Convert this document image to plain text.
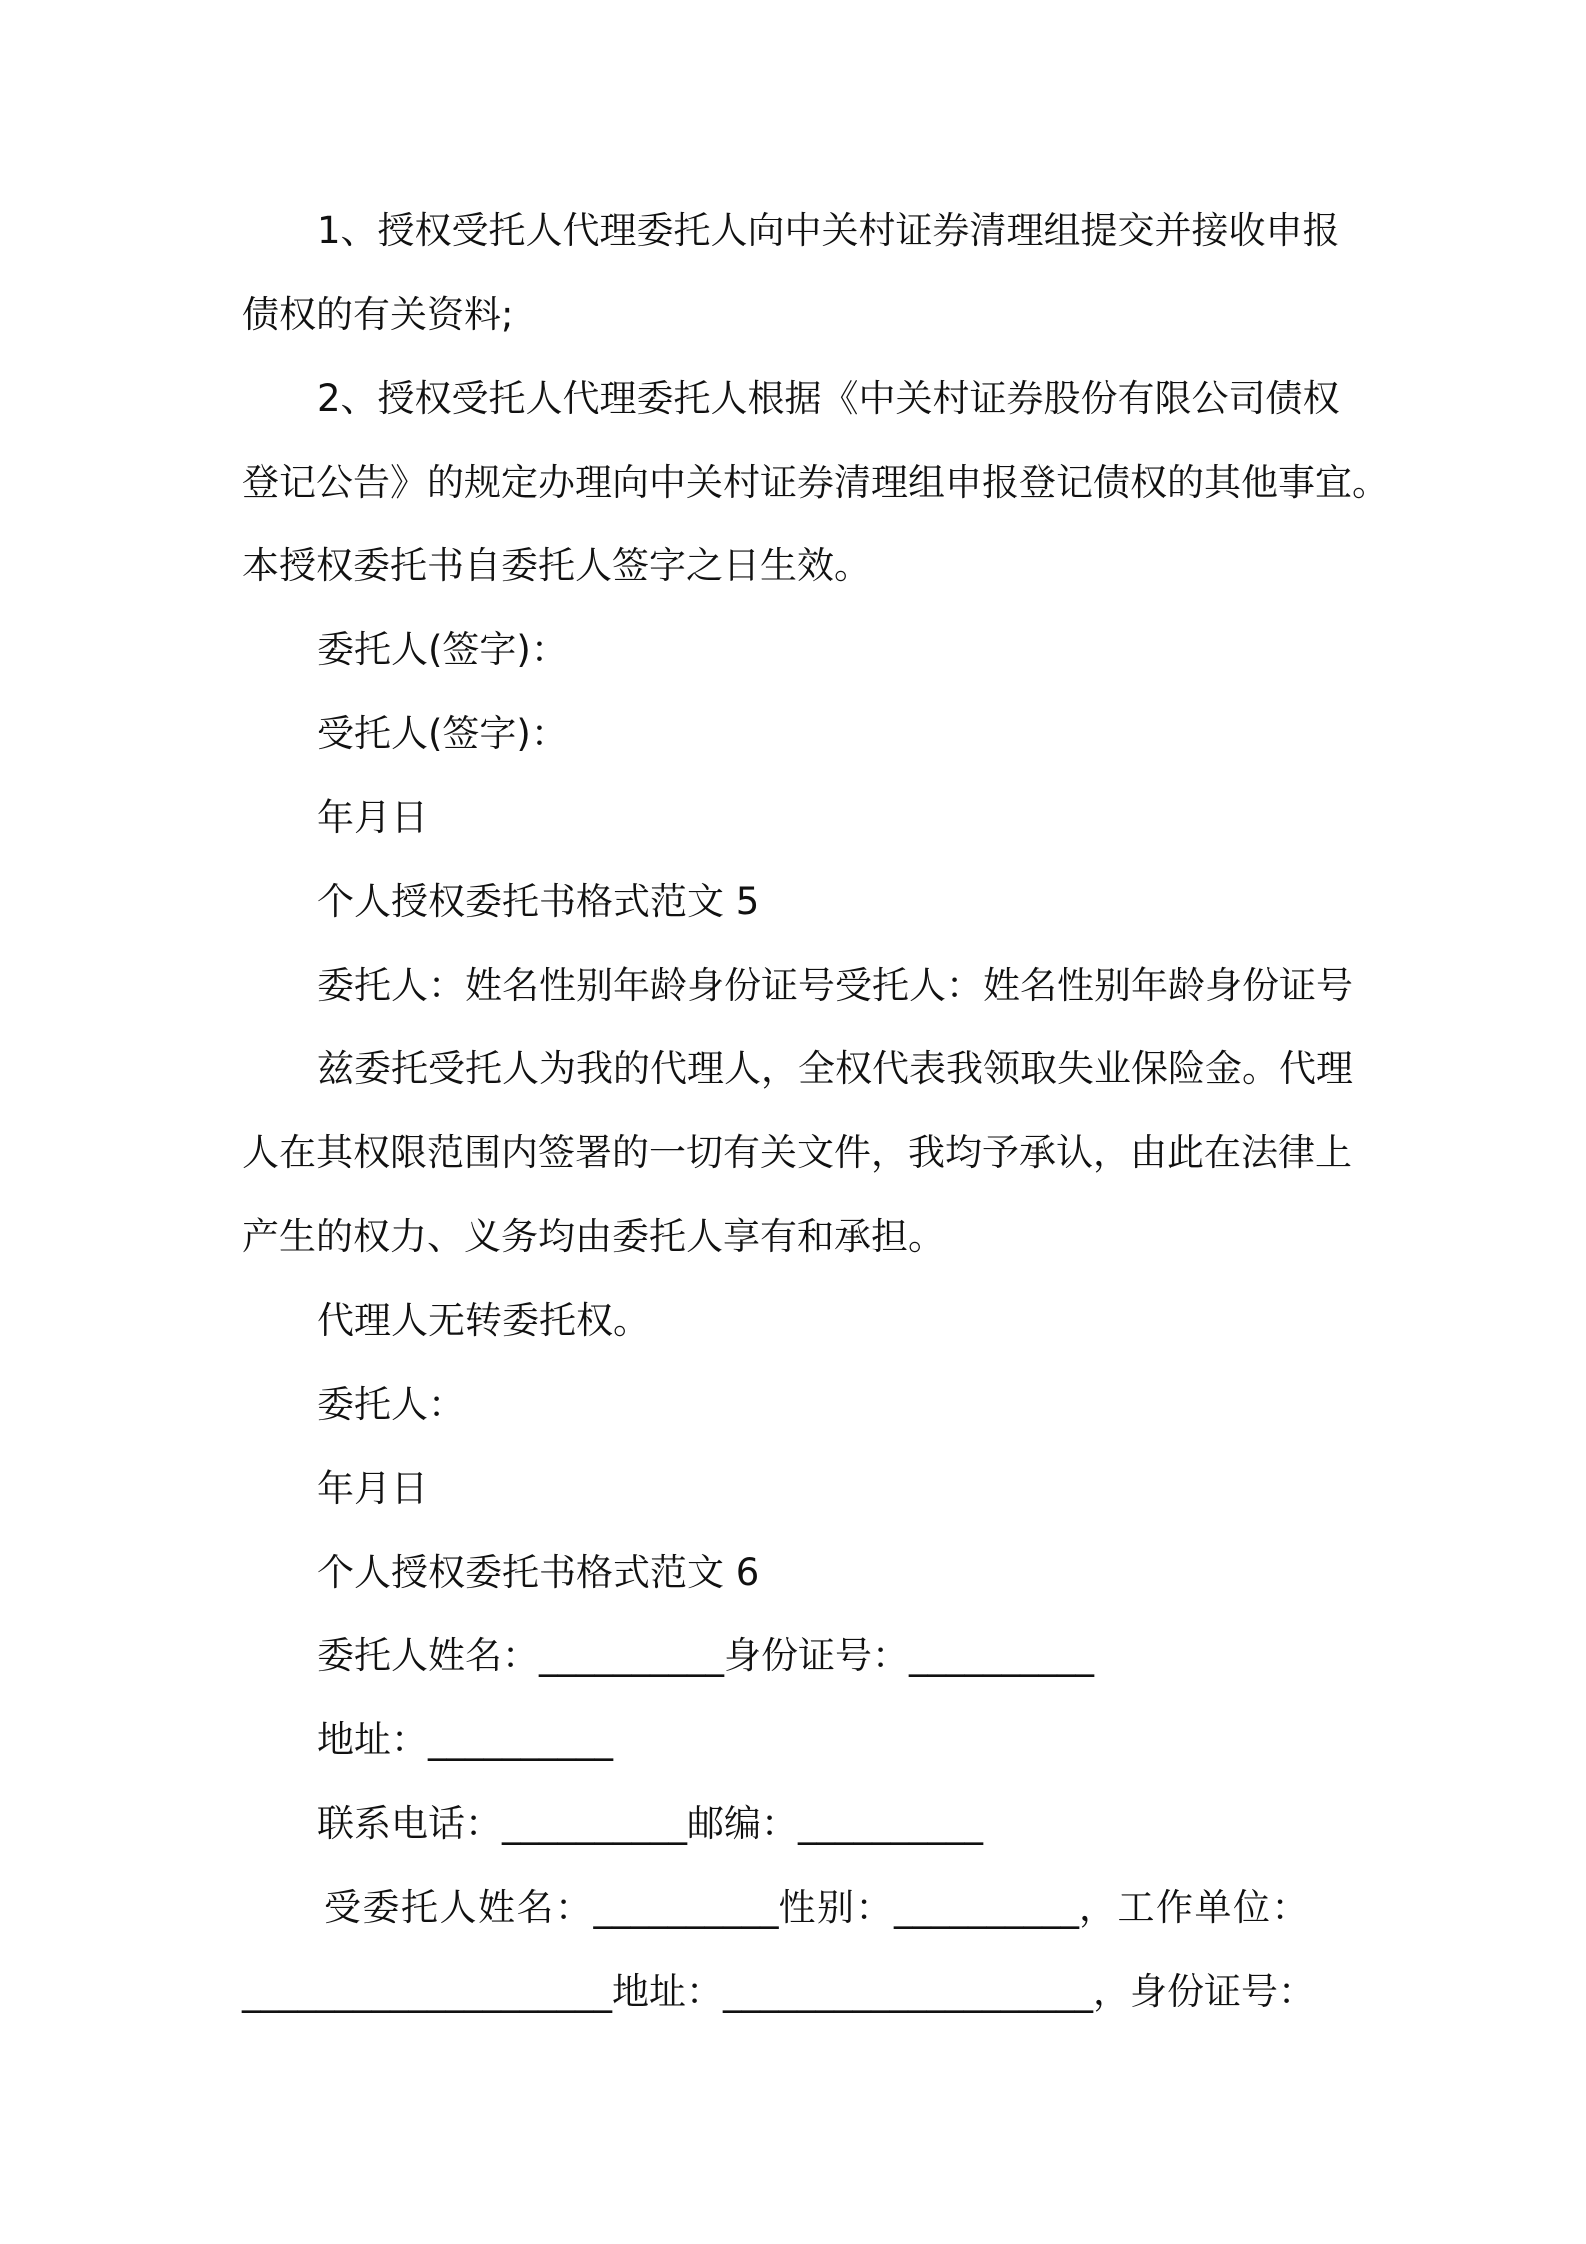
1、授权受托人代理委托人向中关村证券清理组提交并接收申报
债权的有关资料;
2、授权受托人代理委托人根据《中关村证券股份有限公司债权
登记公告》的规定办理向中关村证券清理组申报登记债权的其他事宜。
本授权委托书自委托人签字之日生效。
委托人(签字)：
受托人(签字)：
年月日
个人授权委托书格式范文 5
委托人：姓名性别年龄身份证号受托人：姓名性别年龄身份证号
兹委托受托人为我的代理人，全权代表我领取失业保险金。代理
人在其权限范围内签署的一切有关文件，我均予承认，由此在法律上
产生的权力、义务均由委托人享有和承担。
代理人无转委托权。
委托人：
年月日
个人授权委托书格式范文 6
委托人姓名：__________身份证号：__________
地址：__________
联系电话：__________邮编：__________
受委托人姓名：__________性别：__________，工作单位：
____________________地址：____________________，身份证号：
